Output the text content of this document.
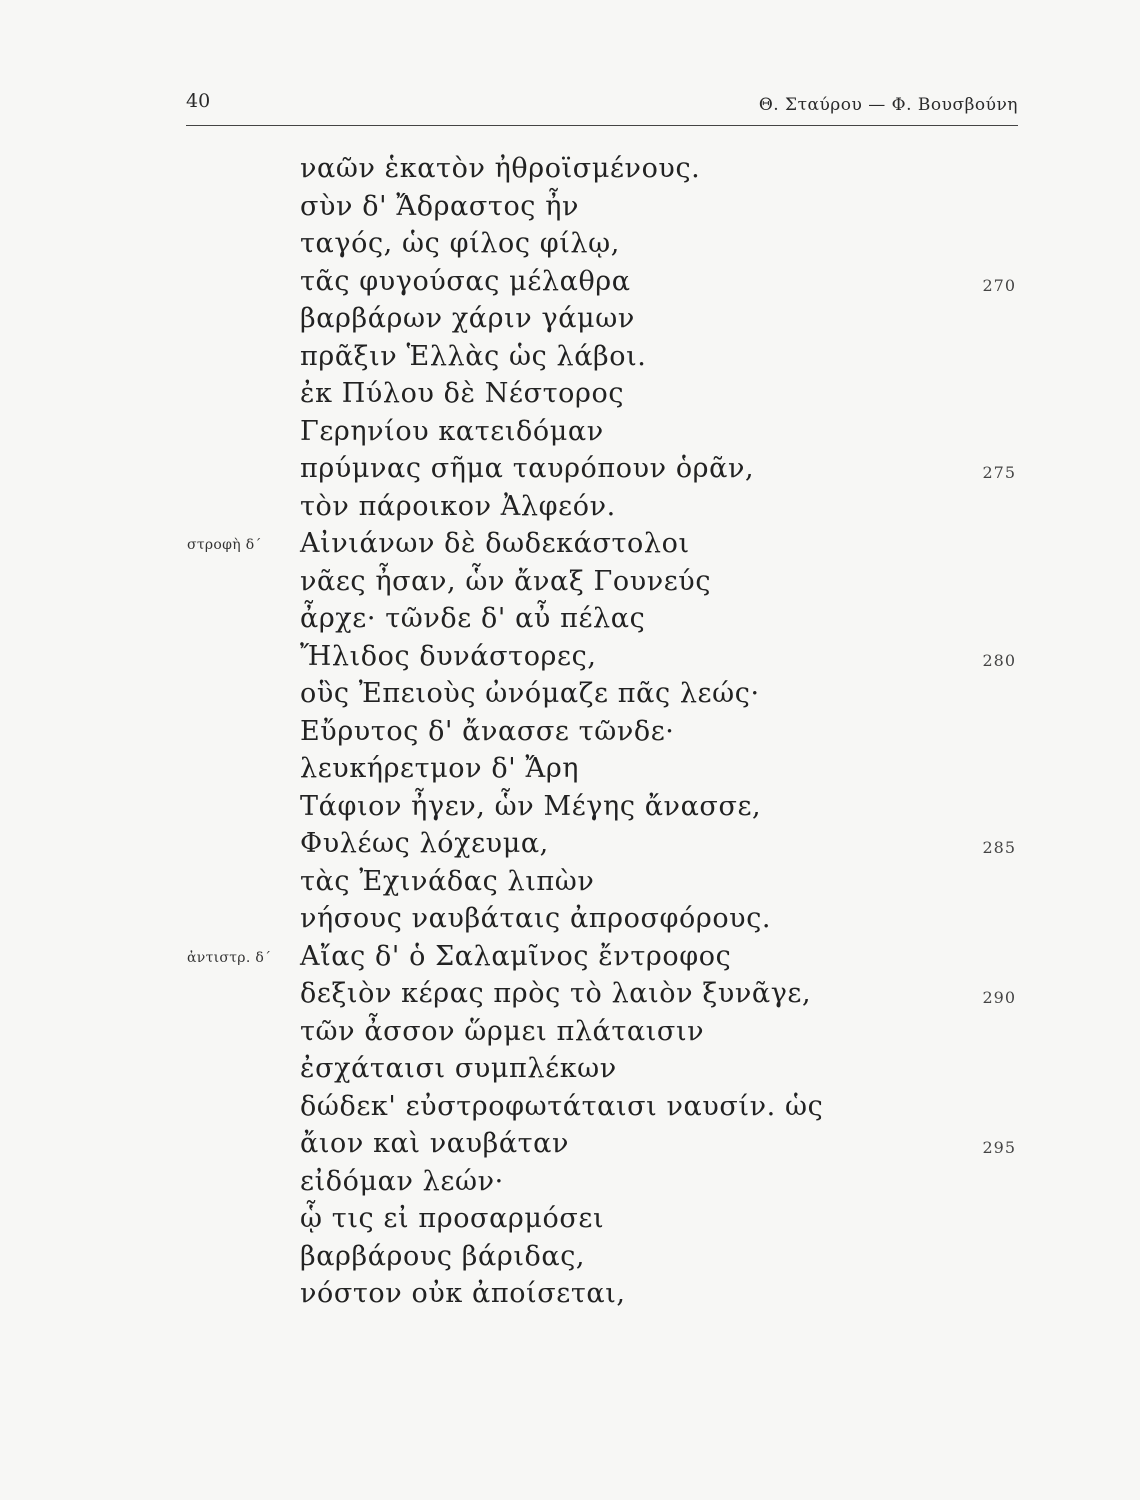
40	Θ. Σταύρου — Φ. Βουσβούνη
ναῶν ἑκατὸν ἠθροϊσμένους.
σὺν δ' Ἄδραστος ἦν
ταγός, ὡς φίλος φίλῳ,
τᾶς φυγούσας μέλαθρα	270
βαρβάρων χάριν γάμων
πρᾶξιν Ἑλλὰς ὡς λάβοι.
ἐκ Πύλου δὲ Νέστορος
Γερηνίου κατειδόμαν
πρύμνας σῆμα ταυρόπουν ὁρᾶν,	275
τὸν πάροικον Ἀλφεόν.
Αἰνιάνων δὲ δωδεκάστολοι
στροφὴ δ΄
νᾶες ἦσαν, ὧν ἄναξ Γουνεύς
ἆρχε· τῶνδε δ' αὖ πέλας
Ἤλιδος δυνάστορες,	280
οὓς Ἐπειοὺς ὠνόμαζε πᾶς λεώς·
Εὔρυτος δ' ἄνασσε τῶνδε·
λευκήρετμον δ' Ἄρη
Τάφιον ἦγεν, ὧν Μέγης ἄνασσε,
Φυλέως λόχευμα,	285
τὰς Ἐχινάδας λιπὼν
νήσους ναυβάταις ἀπροσφόρους.
Αἴας δ' ὁ Σαλαμῖνος ἔντροφος
ἀντιστρ. δ΄
δεξιὸν κέρας πρὸς τὸ λαιὸν ξυνᾶγε,	290
τῶν ἆσσον ὥρμει πλάταισιν
ἐσχάταισι συμπλέκων
δώδεκ' εὐστροφωτάταισι ναυσίν. ὡς
ἄιον καὶ ναυβάταν	295
εἰδόμαν λεών·
ᾧ τις εἰ προσαρμόσει
βαρβάρους βάριδας,
νόστον οὐκ ἀποίσεται,
